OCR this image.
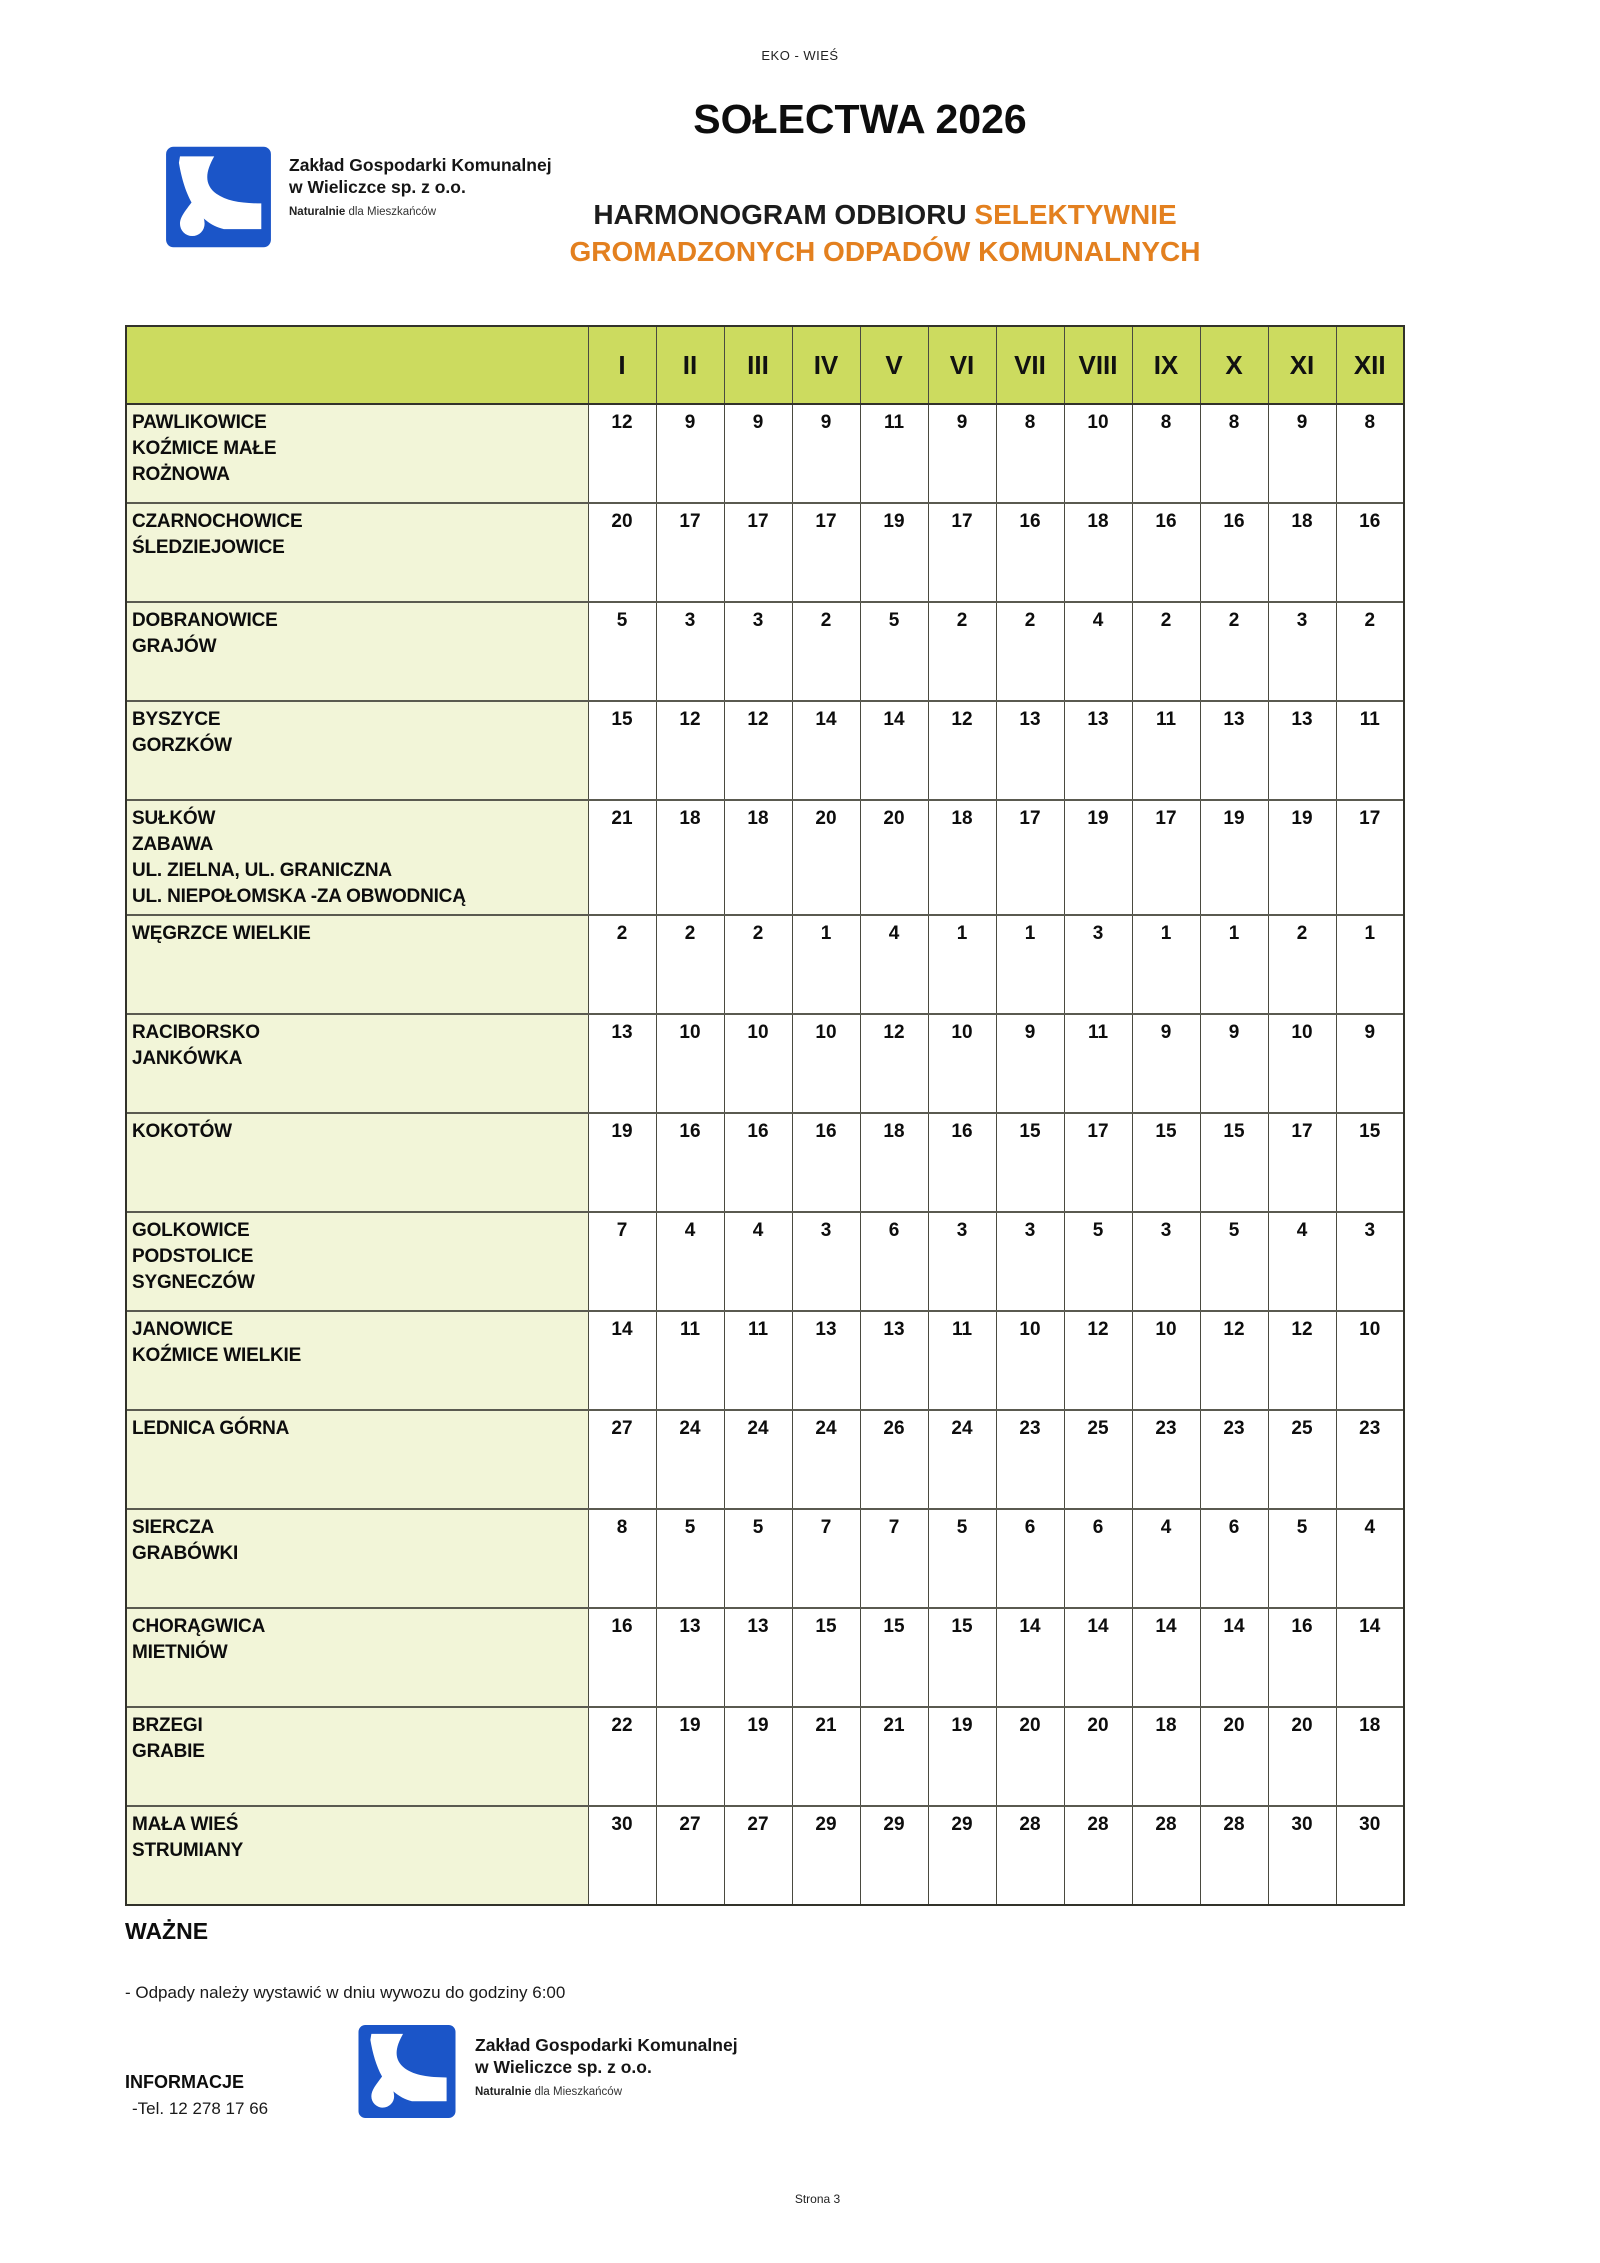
EKO - WIEŚ
ZGK
Zakład Gospodarki Komunalnej
w Wieliczce sp. z o.o.
Naturalnie dla Mieszkańców
SOŁECTWA 2026
HARMONOGRAM ODBIORU SELEKTYWNIE
GROMADZONYCH ODPADÓW KOMUNALNYCH
	I	II	III	IV	V	VI	VII	VIII	IX	X	XI	XII

PAWLIKOWICE
KOŹMICE MAŁE
ROŻNOWA	12	9	9	9	11	9	8	10	8	8	9	8

CZARNOCHOWICE
ŚLEDZIEJOWICE	20	17	17	17	19	17	16	18	16	16	18	16

DOBRANOWICE
GRAJÓW	5	3	3	2	5	2	2	4	2	2	3	2

BYSZYCE
GORZKÓW	15	12	12	14	14	12	13	13	11	13	13	11

SUŁKÓW
ZABAWA
UL. ZIELNA, UL. GRANICZNA
UL. NIEPOŁOMSKA -ZA OBWODNICĄ	21	18	18	20	20	18	17	19	17	19	19	17

WĘGRZCE WIELKIE	2	2	2	1	4	1	1	3	1	1	2	1

RACIBORSKO
JANKÓWKA	13	10	10	10	12	10	9	11	9	9	10	9

KOKOTÓW	19	16	16	16	18	16	15	17	15	15	17	15

GOLKOWICE
PODSTOLICE
SYGNECZÓW	7	4	4	3	6	3	3	5	3	5	4	3

JANOWICE
KOŹMICE WIELKIE	14	11	11	13	13	11	10	12	10	12	12	10

LEDNICA GÓRNA	27	24	24	24	26	24	23	25	23	23	25	23

SIERCZA
GRABÓWKI	8	5	5	7	7	5	6	6	4	6	5	4

CHORĄGWICA
MIETNIÓW	16	13	13	15	15	15	14	14	14	14	16	14

BRZEGI
GRABIE	22	19	19	21	21	19	20	20	18	20	20	18

MAŁA WIEŚ
STRUMIANY	30	27	27	29	29	29	28	28	28	28	30	30
WAŻNE
- Odpady należy wystawić w dniu wywozu do godziny 6:00
ZGK
Zakład Gospodarki Komunalnej
w Wieliczce sp. z o.o.
Naturalnie dla Mieszkańców
INFORMACJE
-Tel. 12 278 17 66
Strona 3
